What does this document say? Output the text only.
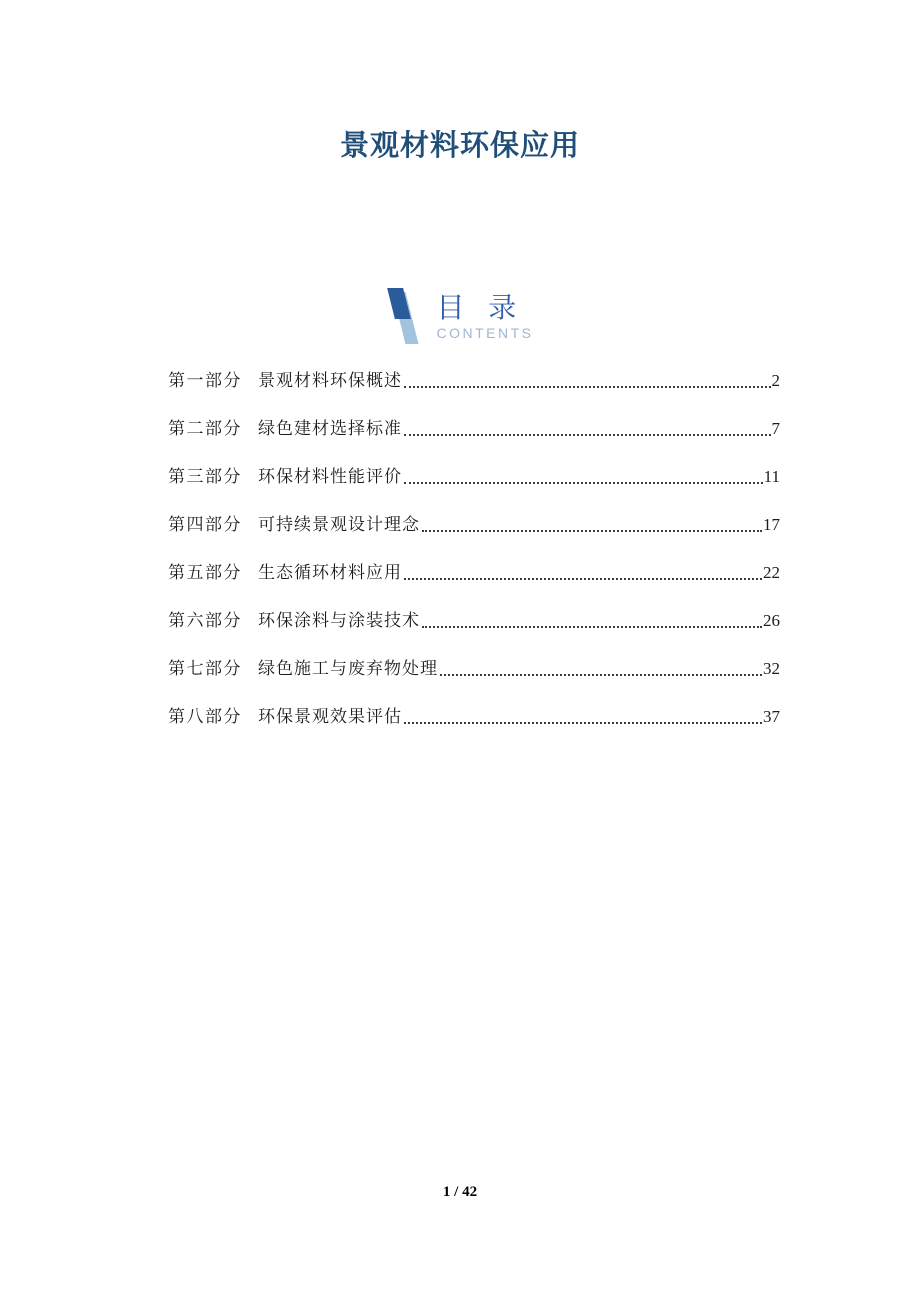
景观材料环保应用
目 录
CONTENTS
第一部分 景观材料环保概述	2
第二部分 绿色建材选择标准	7
第三部分 环保材料性能评价	11
第四部分 可持续景观设计理念	17
第五部分 生态循环材料应用	22
第六部分 环保涂料与涂装技术	26
第七部分 绿色施工与废弃物处理	32
第八部分 环保景观效果评估	37
1 / 42
